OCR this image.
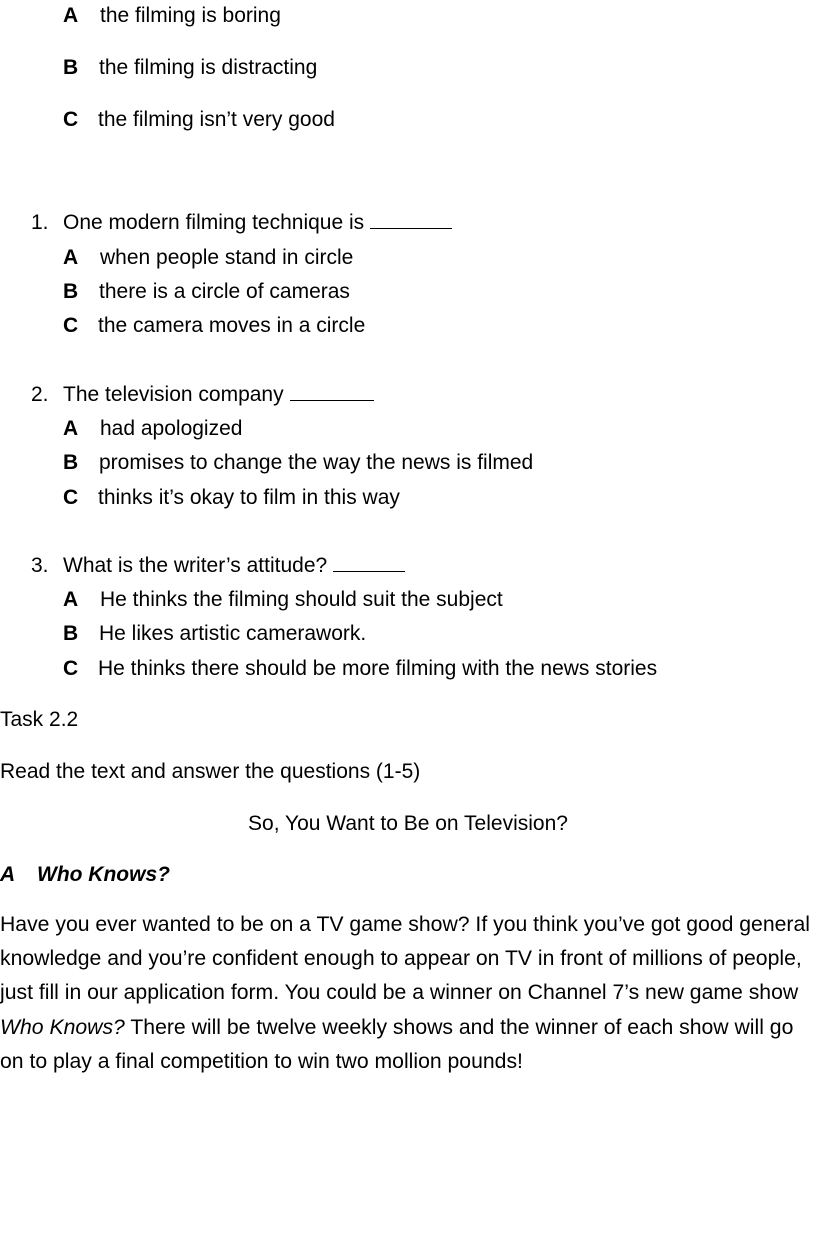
A the filming is boring
B the filming is distracting
C the filming isn’t very good
1. One modern filming technique is
A when people stand in circle
B there is a circle of cameras
C the camera moves in a circle
2. The television company
A had apologized
B promises to change the way the news is filmed
C thinks it’s okay to film in this way
3. What is the writer’s attitude?
A He thinks the filming should suit the subject
B He likes artistic camerawork.
C He thinks there should be more filming with the news stories
Task 2.2
Read the text and answer the questions (1-5)
So, You Want to Be on Television?
A Who Knows?
Have you ever wanted to be on a TV game show? If you think you’ve got good general knowledge and you’re confident enough to appear on TV in front of millions of people, just fill in our application form. You could be a winner on Channel 7’s new game show Who Knows? There will be twelve weekly shows and the winner of each show will go on to play a final competition to win two mollion pounds!
